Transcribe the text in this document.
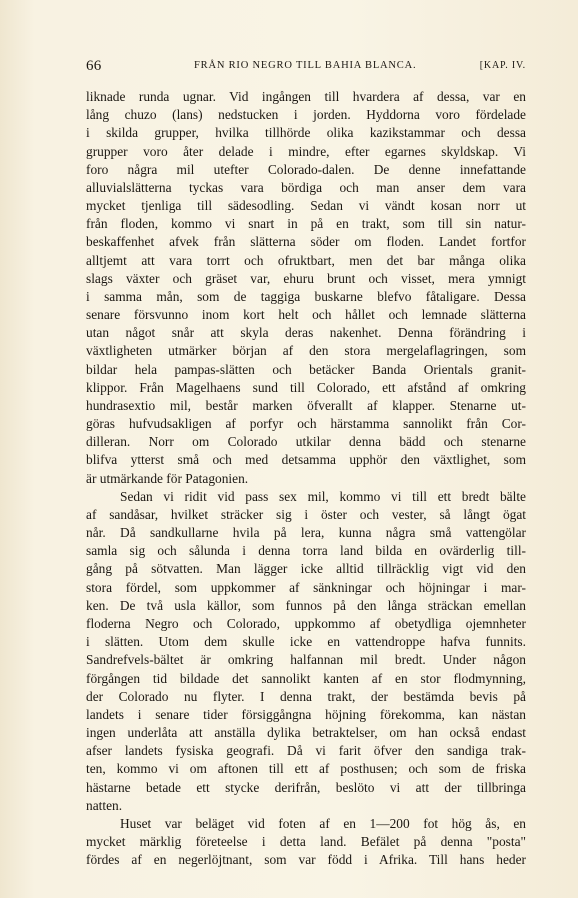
66	FRÅN RIO NEGRO TILL BAHIA BLANCA.	[KAP. IV.
liknade runda ugnar. Vid ingången till hvardera af dessa, var en
lång chuzo (lans) nedstucken i jorden. Hyddorna voro fördelade
i skilda grupper, hvilka tillhörde olika kazikstammar och dessa
grupper voro åter delade i mindre, efter egarnes skyldskap. Vi
foro några mil utefter Colorado-dalen. De denne innefattande
alluvialslätterna tyckas vara bördiga och man anser dem vara
mycket tjenliga till sädesodling. Sedan vi vändt kosan norr ut
från floden, kommo vi snart in på en trakt, som till sin natur-
beskaffenhet afvek från slätterna söder om floden. Landet fortfor
alltjemt att vara torrt och ofruktbart, men det bar många olika
slags växter och gräset var, ehuru brunt och visset, mera ymnigt
i samma mån, som de taggiga buskarne blefvo fåtaligare. Dessa
senare försvunno inom kort helt och hållet och lemnade slätterna
utan något snår att skyla deras nakenhet. Denna förändring i
växtligheten utmärker början af den stora mergelaflagringen, som
bildar hela pampas-slätten och betäcker Banda Orientals granit-
klippor. Från Magelhaens sund till Colorado, ett afstånd af omkring
hundrasextio mil, består marken öfverallt af klapper. Stenarne ut-
göras hufvudsakligen af porfyr och härstamma sannolikt från Cor-
dilleran. Norr om Colorado utkilar denna bädd och stenarne
blifva ytterst små och med detsamma upphör den växtlighet, som
är utmärkande för Patagonien.
Sedan vi ridit vid pass sex mil, kommo vi till ett bredt bälte
af sandåsar, hvilket sträcker sig i öster och vester, så långt ögat
når. Då sandkullarne hvila på lera, kunna några små vattengölar
samla sig och sålunda i denna torra land bilda en ovärderlig till-
gång på sötvatten. Man lägger icke alltid tillräcklig vigt vid den
stora fördel, som uppkommer af sänkningar och höjningar i mar-
ken. De två usla källor, som funnos på den långa sträckan emellan
floderna Negro och Colorado, uppkommo af obetydliga ojemnheter
i slätten. Utom dem skulle icke en vattendroppe hafva funnits.
Sandrefvels-bältet är omkring halfannan mil bredt. Under någon
förgången tid bildade det sannolikt kanten af en stor flodmynning,
der Colorado nu flyter. I denna trakt, der bestämda bevis på
landets i senare tider försiggångna höjning förekomma, kan nästan
ingen underlåta att anställa dylika betraktelser, om han också endast
afser landets fysiska geografi. Då vi farit öfver den sandiga trak-
ten, kommo vi om aftonen till ett af posthusen; och som de friska
hästarne betade ett stycke derifrån, beslöto vi att der tillbringa
natten.
Huset var beläget vid foten af en 1—200 fot hög ås, en
mycket märklig företeelse i detta land. Befälet på denna "posta"
fördes af en negerlöjtnant, som var född i Afrika. Till hans heder
